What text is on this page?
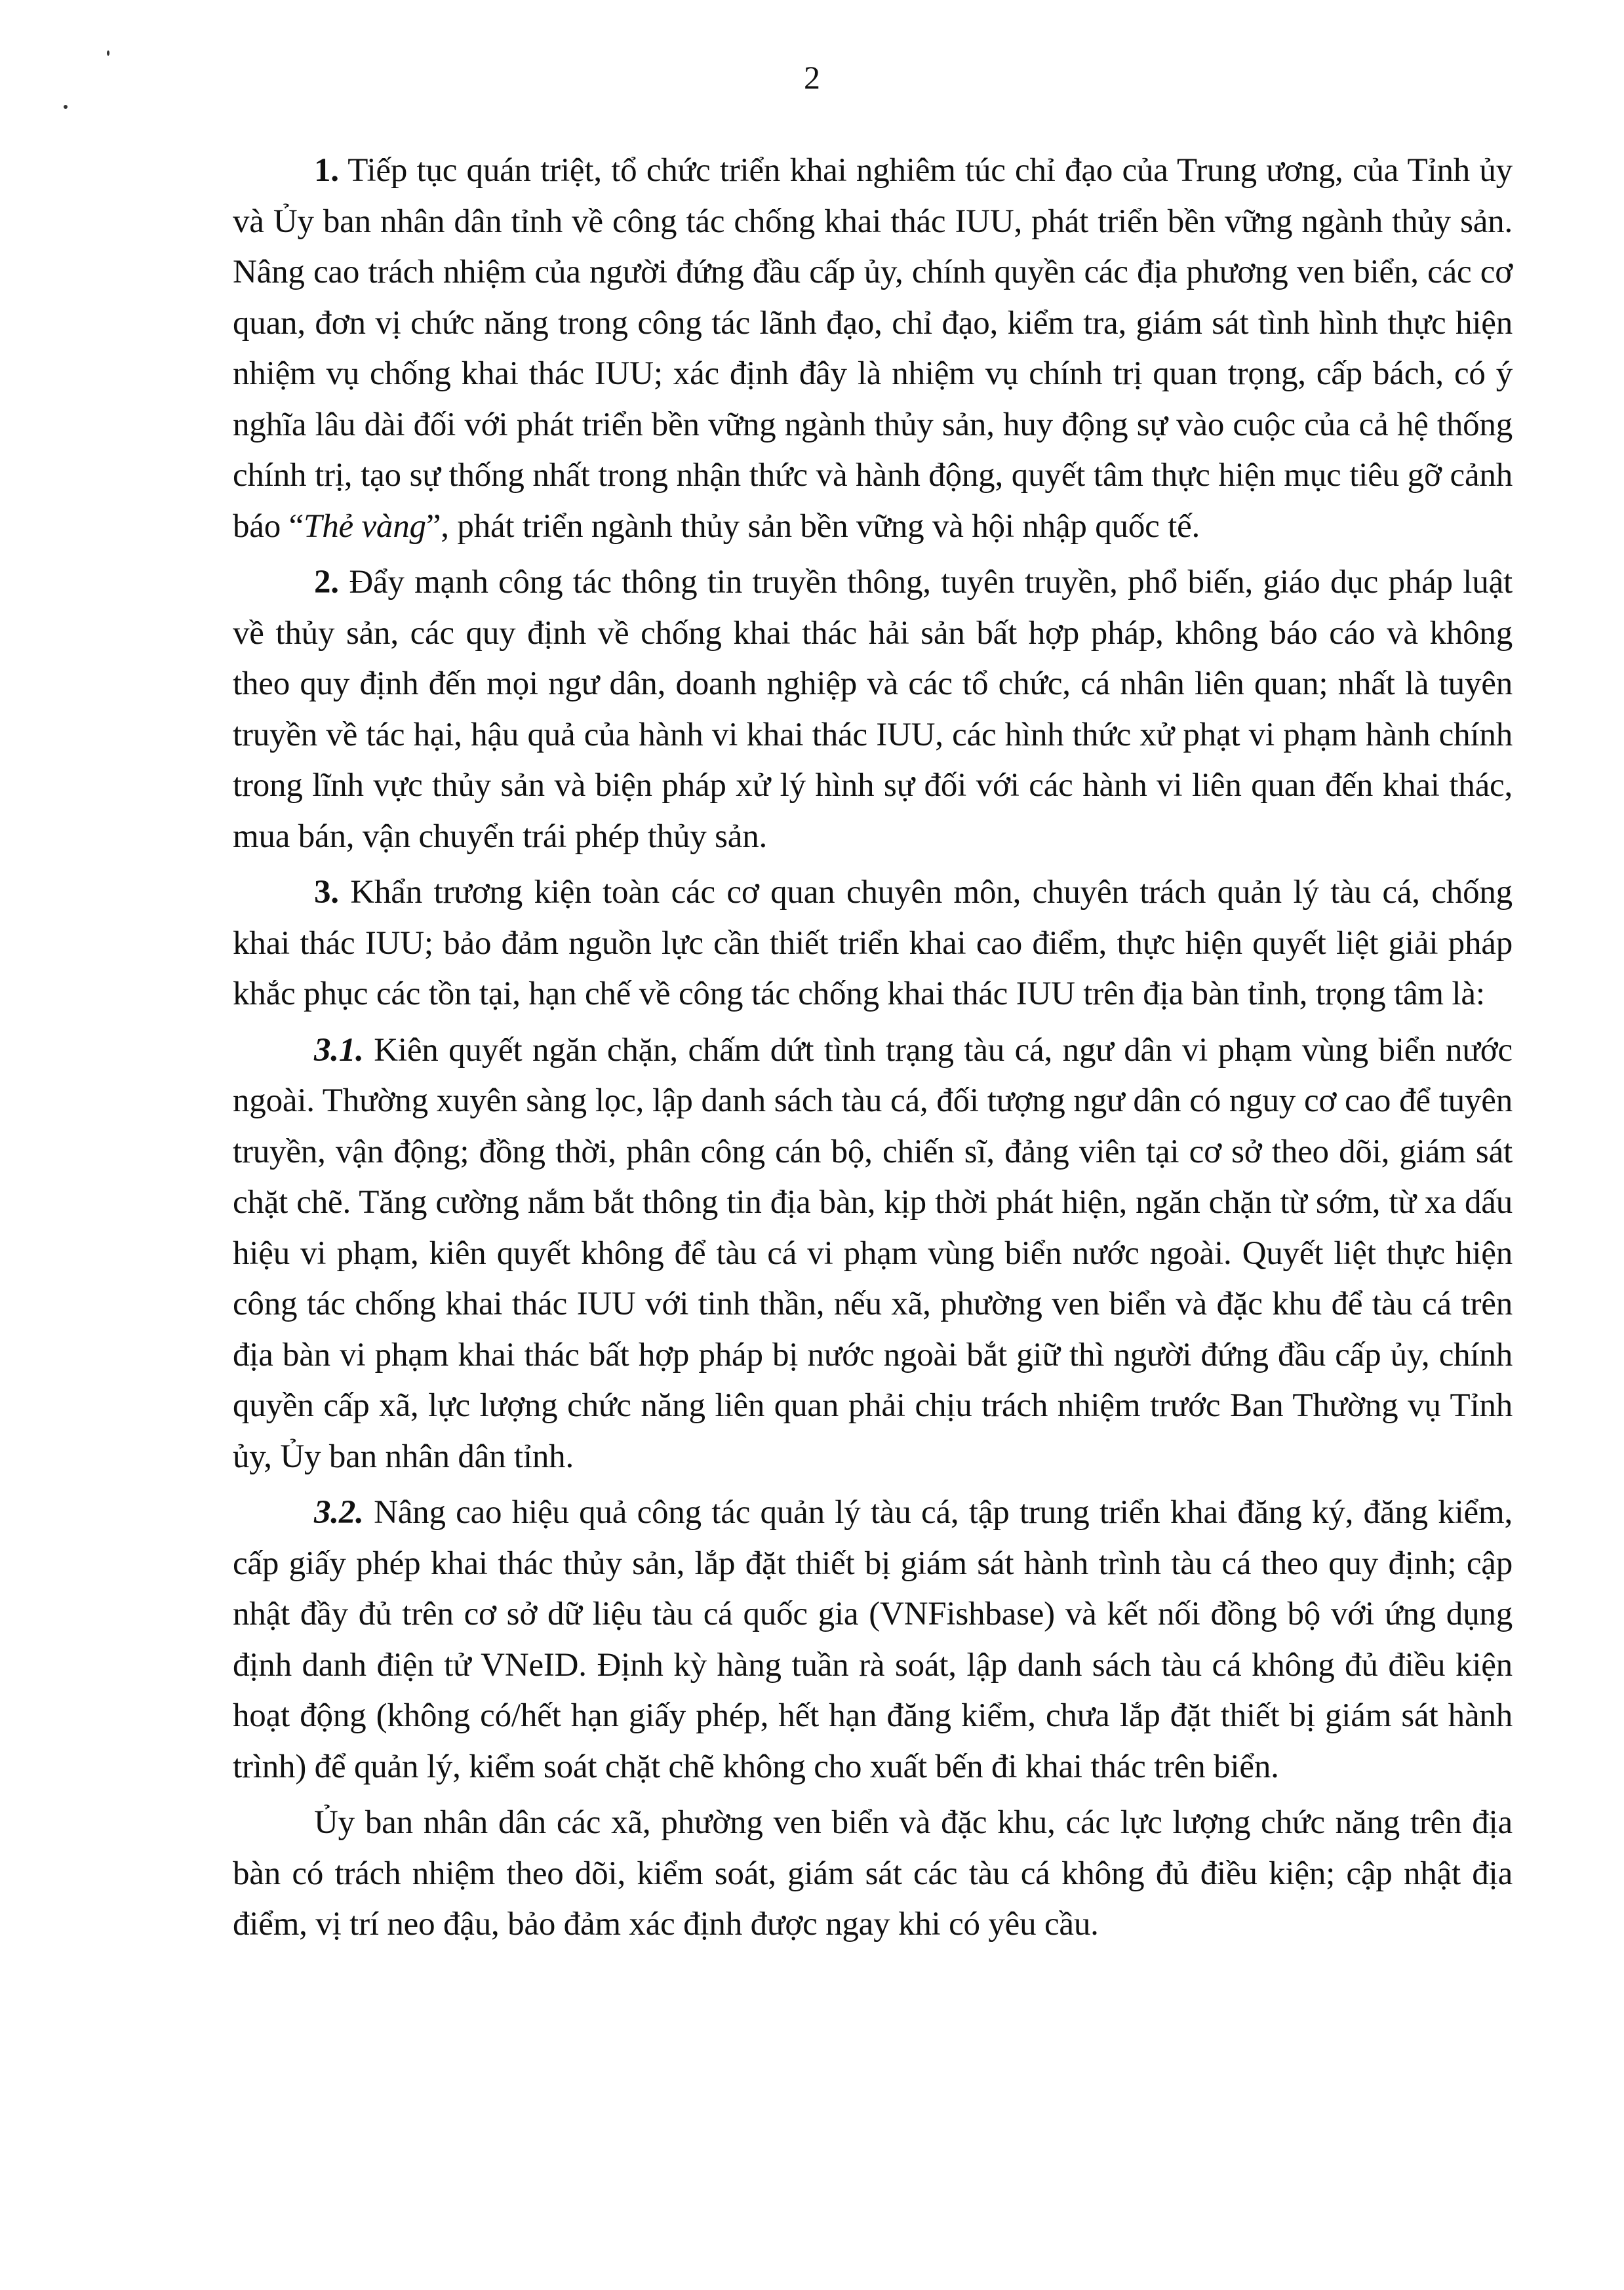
2

1. Tiếp tục quán triệt, tổ chức triển khai nghiêm túc chỉ đạo của Trung ương, của Tỉnh ủy và Ủy ban nhân dân tỉnh về công tác chống khai thác IUU, phát triển bền vững ngành thủy sản. Nâng cao trách nhiệm của người đứng đầu cấp ủy, chính quyền các địa phương ven biển, các cơ quan, đơn vị chức năng trong công tác lãnh đạo, chỉ đạo, kiểm tra, giám sát tình hình thực hiện nhiệm vụ chống khai thác IUU; xác định đây là nhiệm vụ chính trị quan trọng, cấp bách, có ý nghĩa lâu dài đối với phát triển bền vững ngành thủy sản, huy động sự vào cuộc của cả hệ thống chính trị, tạo sự thống nhất trong nhận thức và hành động, quyết tâm thực hiện mục tiêu gỡ cảnh báo “Thẻ vàng”, phát triển ngành thủy sản bền vững và hội nhập quốc tế.

2. Đẩy mạnh công tác thông tin truyền thông, tuyên truyền, phổ biến, giáo dục pháp luật về thủy sản, các quy định về chống khai thác hải sản bất hợp pháp, không báo cáo và không theo quy định đến mọi ngư dân, doanh nghiệp và các tổ chức, cá nhân liên quan; nhất là tuyên truyền về tác hại, hậu quả của hành vi khai thác IUU, các hình thức xử phạt vi phạm hành chính trong lĩnh vực thủy sản và biện pháp xử lý hình sự đối với các hành vi liên quan đến khai thác, mua bán, vận chuyển trái phép thủy sản.

3. Khẩn trương kiện toàn các cơ quan chuyên môn, chuyên trách quản lý tàu cá, chống khai thác IUU; bảo đảm nguồn lực cần thiết triển khai cao điểm, thực hiện quyết liệt giải pháp khắc phục các tồn tại, hạn chế về công tác chống khai thác IUU trên địa bàn tỉnh, trọng tâm là:

3.1. Kiên quyết ngăn chặn, chấm dứt tình trạng tàu cá, ngư dân vi phạm vùng biển nước ngoài. Thường xuyên sàng lọc, lập danh sách tàu cá, đối tượng ngư dân có nguy cơ cao để tuyên truyền, vận động; đồng thời, phân công cán bộ, chiến sĩ, đảng viên tại cơ sở theo dõi, giám sát chặt chẽ. Tăng cường nắm bắt thông tin địa bàn, kịp thời phát hiện, ngăn chặn từ sớm, từ xa dấu hiệu vi phạm, kiên quyết không để tàu cá vi phạm vùng biển nước ngoài. Quyết liệt thực hiện công tác chống khai thác IUU với tinh thần, nếu xã, phường ven biển và đặc khu để tàu cá trên địa bàn vi phạm khai thác bất hợp pháp bị nước ngoài bắt giữ thì người đứng đầu cấp ủy, chính quyền cấp xã, lực lượng chức năng liên quan phải chịu trách nhiệm trước Ban Thường vụ Tỉnh ủy, Ủy ban nhân dân tỉnh.

3.2. Nâng cao hiệu quả công tác quản lý tàu cá, tập trung triển khai đăng ký, đăng kiểm, cấp giấy phép khai thác thủy sản, lắp đặt thiết bị giám sát hành trình tàu cá theo quy định; cập nhật đầy đủ trên cơ sở dữ liệu tàu cá quốc gia (VNFishbase) và kết nối đồng bộ với ứng dụng định danh điện tử VNeID. Định kỳ hàng tuần rà soát, lập danh sách tàu cá không đủ điều kiện hoạt động (không có/hết hạn giấy phép, hết hạn đăng kiểm, chưa lắp đặt thiết bị giám sát hành trình) để quản lý, kiểm soát chặt chẽ không cho xuất bến đi khai thác trên biển.

Ủy ban nhân dân các xã, phường ven biển và đặc khu, các lực lượng chức năng trên địa bàn có trách nhiệm theo dõi, kiểm soát, giám sát các tàu cá không đủ điều kiện; cập nhật địa điểm, vị trí neo đậu, bảo đảm xác định được ngay khi có yêu cầu.
